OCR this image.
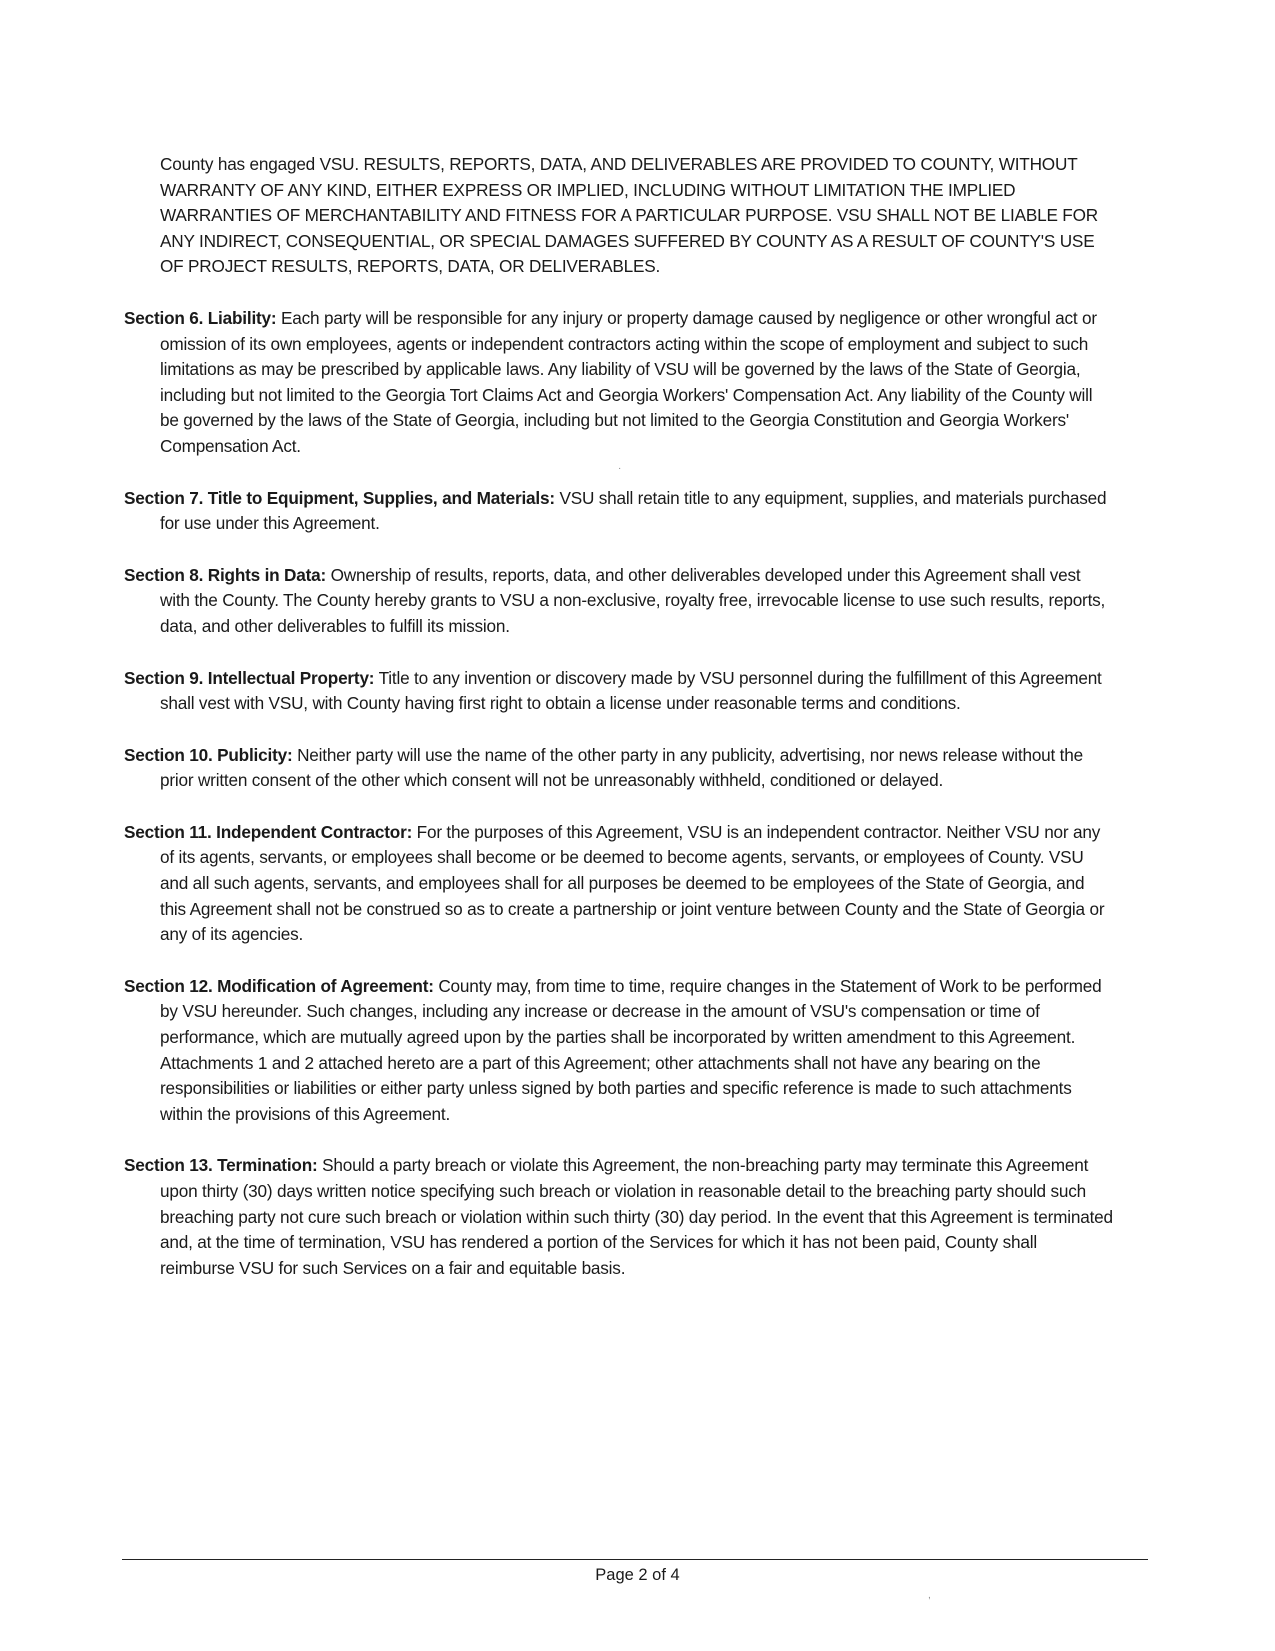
County has engaged VSU. RESULTS, REPORTS, DATA, AND DELIVERABLES ARE PROVIDED TO COUNTY, WITHOUT WARRANTY OF ANY KIND, EITHER EXPRESS OR IMPLIED, INCLUDING WITHOUT LIMITATION THE IMPLIED WARRANTIES OF MERCHANTABILITY AND FITNESS FOR A PARTICULAR PURPOSE. VSU SHALL NOT BE LIABLE FOR ANY INDIRECT, CONSEQUENTIAL, OR SPECIAL DAMAGES SUFFERED BY COUNTY AS A RESULT OF COUNTY'S USE OF PROJECT RESULTS, REPORTS, DATA, OR DELIVERABLES.

Section 6. Liability: Each party will be responsible for any injury or property damage caused by negligence or other wrongful act or omission of its own employees, agents or independent contractors acting within the scope of employment and subject to such limitations as may be prescribed by applicable laws. Any liability of VSU will be governed by the laws of the State of Georgia, including but not limited to the Georgia Tort Claims Act and Georgia Workers' Compensation Act. Any liability of the County will be governed by the laws of the State of Georgia, including but not limited to the Georgia Constitution and Georgia Workers' Compensation Act.

Section 7. Title to Equipment, Supplies, and Materials: VSU shall retain title to any equipment, supplies, and materials purchased for use under this Agreement.

Section 8. Rights in Data: Ownership of results, reports, data, and other deliverables developed under this Agreement shall vest with the County. The County hereby grants to VSU a non-exclusive, royalty free, irrevocable license to use such results, reports, data, and other deliverables to fulfill its mission.

Section 9. Intellectual Property: Title to any invention or discovery made by VSU personnel during the fulfillment of this Agreement shall vest with VSU, with County having first right to obtain a license under reasonable terms and conditions.

Section 10. Publicity: Neither party will use the name of the other party in any publicity, advertising, nor news release without the prior written consent of the other which consent will not be unreasonably withheld, conditioned or delayed.

Section 11. Independent Contractor: For the purposes of this Agreement, VSU is an independent contractor. Neither VSU nor any of its agents, servants, or employees shall become or be deemed to become agents, servants, or employees of County. VSU and all such agents, servants, and employees shall for all purposes be deemed to be employees of the State of Georgia, and this Agreement shall not be construed so as to create a partnership or joint venture between County and the State of Georgia or any of its agencies.

Section 12. Modification of Agreement: County may, from time to time, require changes in the Statement of Work to be performed by VSU hereunder. Such changes, including any increase or decrease in the amount of VSU's compensation or time of performance, which are mutually agreed upon by the parties shall be incorporated by written amendment to this Agreement. Attachments 1 and 2 attached hereto are a part of this Agreement; other attachments shall not have any bearing on the responsibilities or liabilities or either party unless signed by both parties and specific reference is made to such attachments within the provisions of this Agreement.

Section 13. Termination: Should a party breach or violate this Agreement, the non-breaching party may terminate this Agreement upon thirty (30) days written notice specifying such breach or violation in reasonable detail to the breaching party should such breaching party not cure such breach or violation within such thirty (30) day period. In the event that this Agreement is terminated and, at the time of termination, VSU has rendered a portion of the Services for which it has not been paid, County shall reimburse VSU for such Services on a fair and equitable basis.

·
,
Page 2 of 4
